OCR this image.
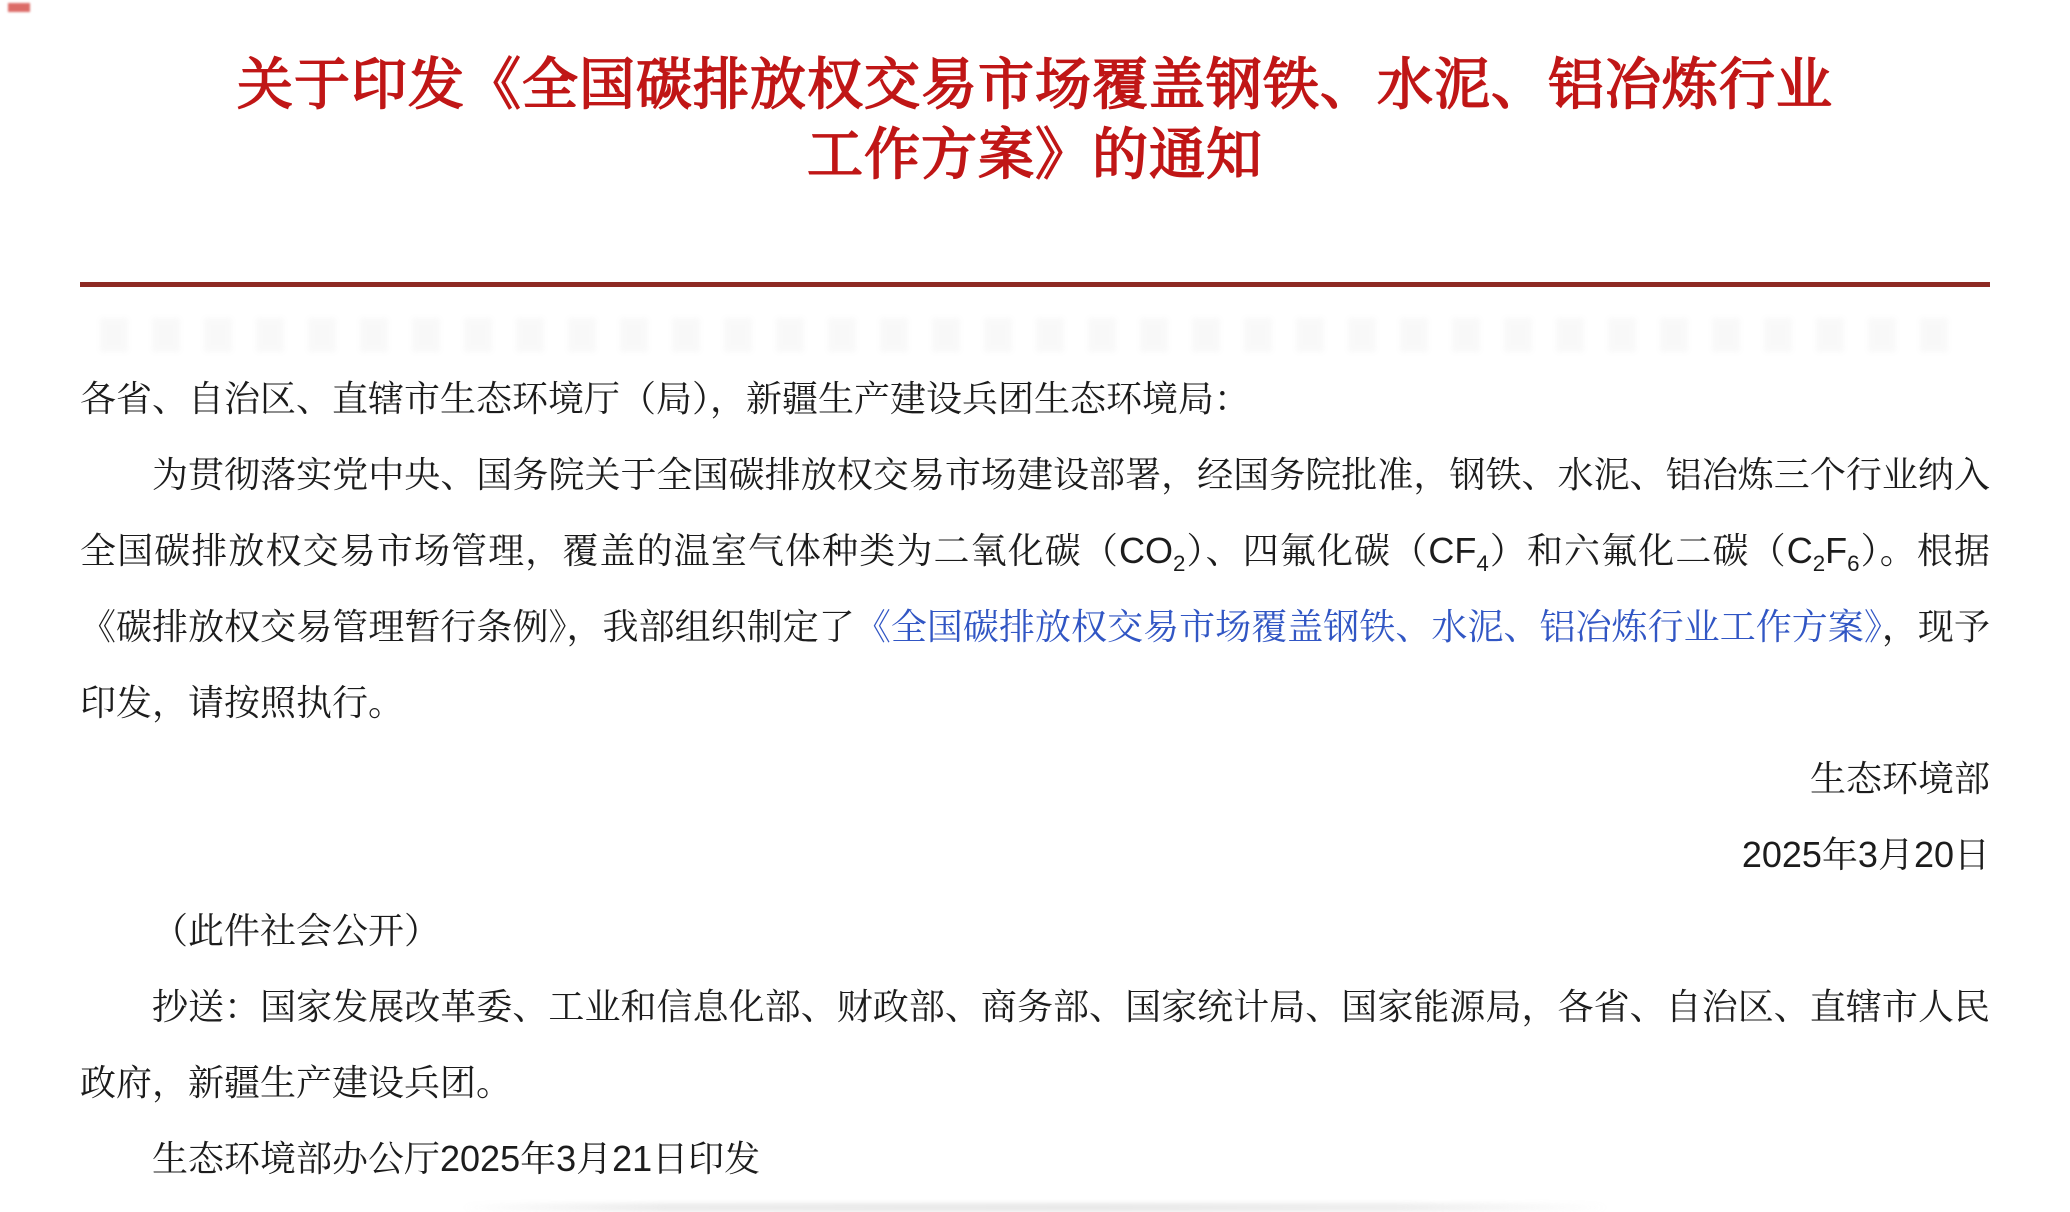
关于印发《全国碳排放权交易市场覆盖钢铁、水泥、铝冶炼行业
工作方案》的通知
各省、自治区、直辖市生态环境厅（局），新疆生产建设兵团生态环境局：
为贯彻落实党中央、国务院关于全国碳排放权交易市场建设部署，经国务院批准，钢铁、水泥、铝冶炼三个行业纳入全国碳排放权交易市场管理，覆盖的温室气体种类为二氧化碳$(CO_2)$、四氟化碳$(CF_4)$和六氟化二碳$(C_2F_6)$。根据《碳排放权交易管理暂行条例》，我部组织制定了《全国碳排放权交易市场覆盖钢铁、水泥、铝冶炼行业工作方案》，现予印发，请按照执行。
生态环境部
2025年3月20日
（此件社会公开）
抄送：国家发展改革委、工业和信息化部、财政部、商务部、国家统计局、国家能源局，各省、自治区、直辖市人民政府，新疆生产建设兵团。
生态环境部办公厅2025年3月21日印发
